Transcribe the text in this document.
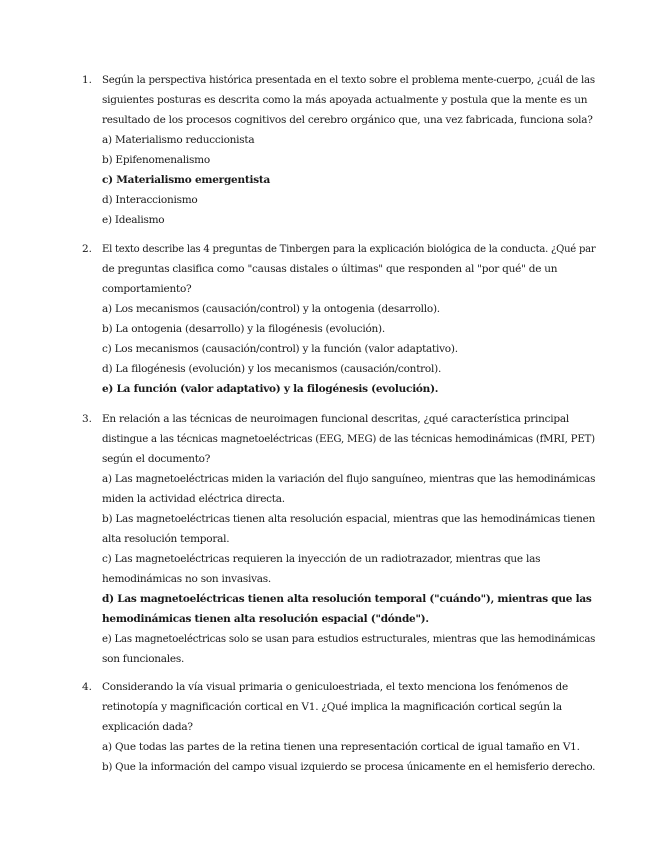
1. Según la perspectiva histórica presentada en el texto sobre el problema mente-cuerpo, ¿cuál de las
siguientes posturas es descrita como la más apoyada actualmente y postula que la mente es un
resultado de los procesos cognitivos del cerebro orgánico que, una vez fabricada, funciona sola?
a) Materialismo reduccionista
b) Epifenomenalismo
c) Materialismo emergentista
d) Interaccionismo
e) Idealismo
2. El texto describe las 4 preguntas de Tinbergen para la explicación biológica de la conducta. ¿Qué par
de preguntas clasifica como "causas distales o últimas" que responden al "por qué" de un
comportamiento?
a) Los mecanismos (causación/control) y la ontogenia (desarrollo).
b) La ontogenia (desarrollo) y la filogénesis (evolución).
c) Los mecanismos (causación/control) y la función (valor adaptativo).
d) La filogénesis (evolución) y los mecanismos (causación/control).
e) La función (valor adaptativo) y la filogénesis (evolución).
3. En relación a las técnicas de neuroimagen funcional descritas, ¿qué característica principal
distingue a las técnicas magnetoeléctricas (EEG, MEG) de las técnicas hemodinámicas (fMRI, PET)
según el documento?
a) Las magnetoeléctricas miden la variación del flujo sanguíneo, mientras que las hemodinámicas
miden la actividad eléctrica directa.
b) Las magnetoeléctricas tienen alta resolución espacial, mientras que las hemodinámicas tienen
alta resolución temporal.
c) Las magnetoeléctricas requieren la inyección de un radiotrazador, mientras que las
hemodinámicas no son invasivas.
d) Las magnetoeléctricas tienen alta resolución temporal ("cuándo"), mientras que las
hemodinámicas tienen alta resolución espacial ("dónde").
e) Las magnetoeléctricas solo se usan para estudios estructurales, mientras que las hemodinámicas
son funcionales.
4. Considerando la vía visual primaria o geniculoestriada, el texto menciona los fenómenos de
retinotopía y magnificación cortical en V1. ¿Qué implica la magnificación cortical según la
explicación dada?
a) Que todas las partes de la retina tienen una representación cortical de igual tamaño en V1.
b) Que la información del campo visual izquierdo se procesa únicamente en el hemisferio derecho.
